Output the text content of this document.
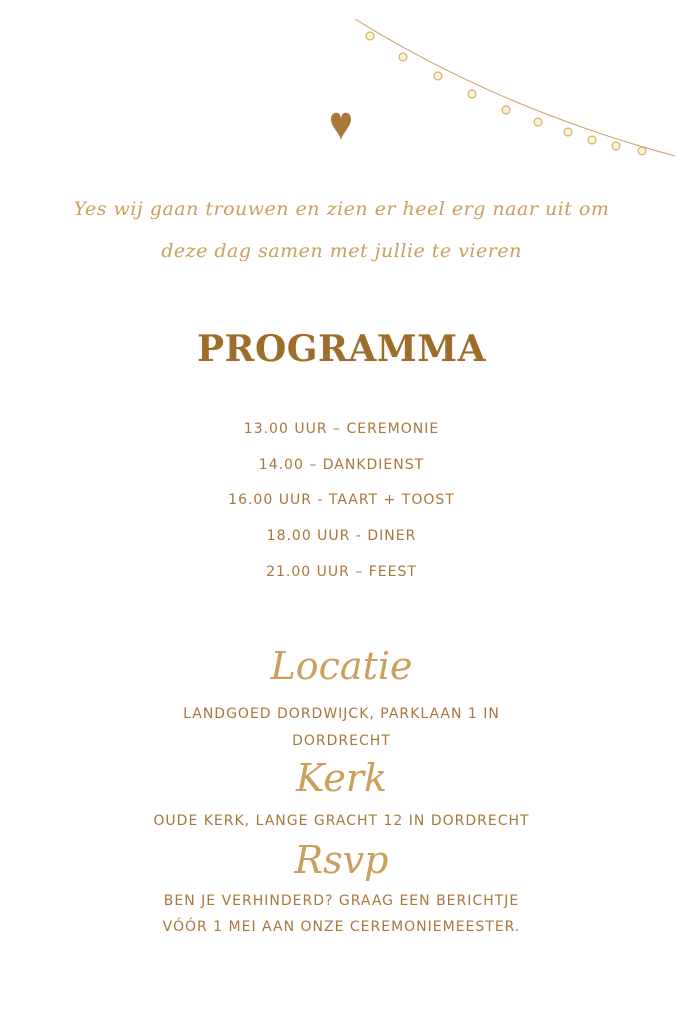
Yes wij gaan trouwen en zien er heel erg naar uit om
deze dag samen met jullie te vieren
PROGRAMMA
13.00 UUR – CEREMONIE
14.00 – DANKDIENST
16.00 UUR - TAART + TOOST
18.00 UUR - DINER
21.00 UUR – FEEST
Locatie
LANDGOED DORDWIJCK, PARKLAAN 1 IN
DORDRECHT
Kerk
OUDE KERK, LANGE GRACHT 12 IN DORDRECHT
Rsvp
BEN JE VERHINDERD? GRAAG EEN BERICHTJE
VÓÓR 1 MEI AAN ONZE CEREMONIEMEESTER.
